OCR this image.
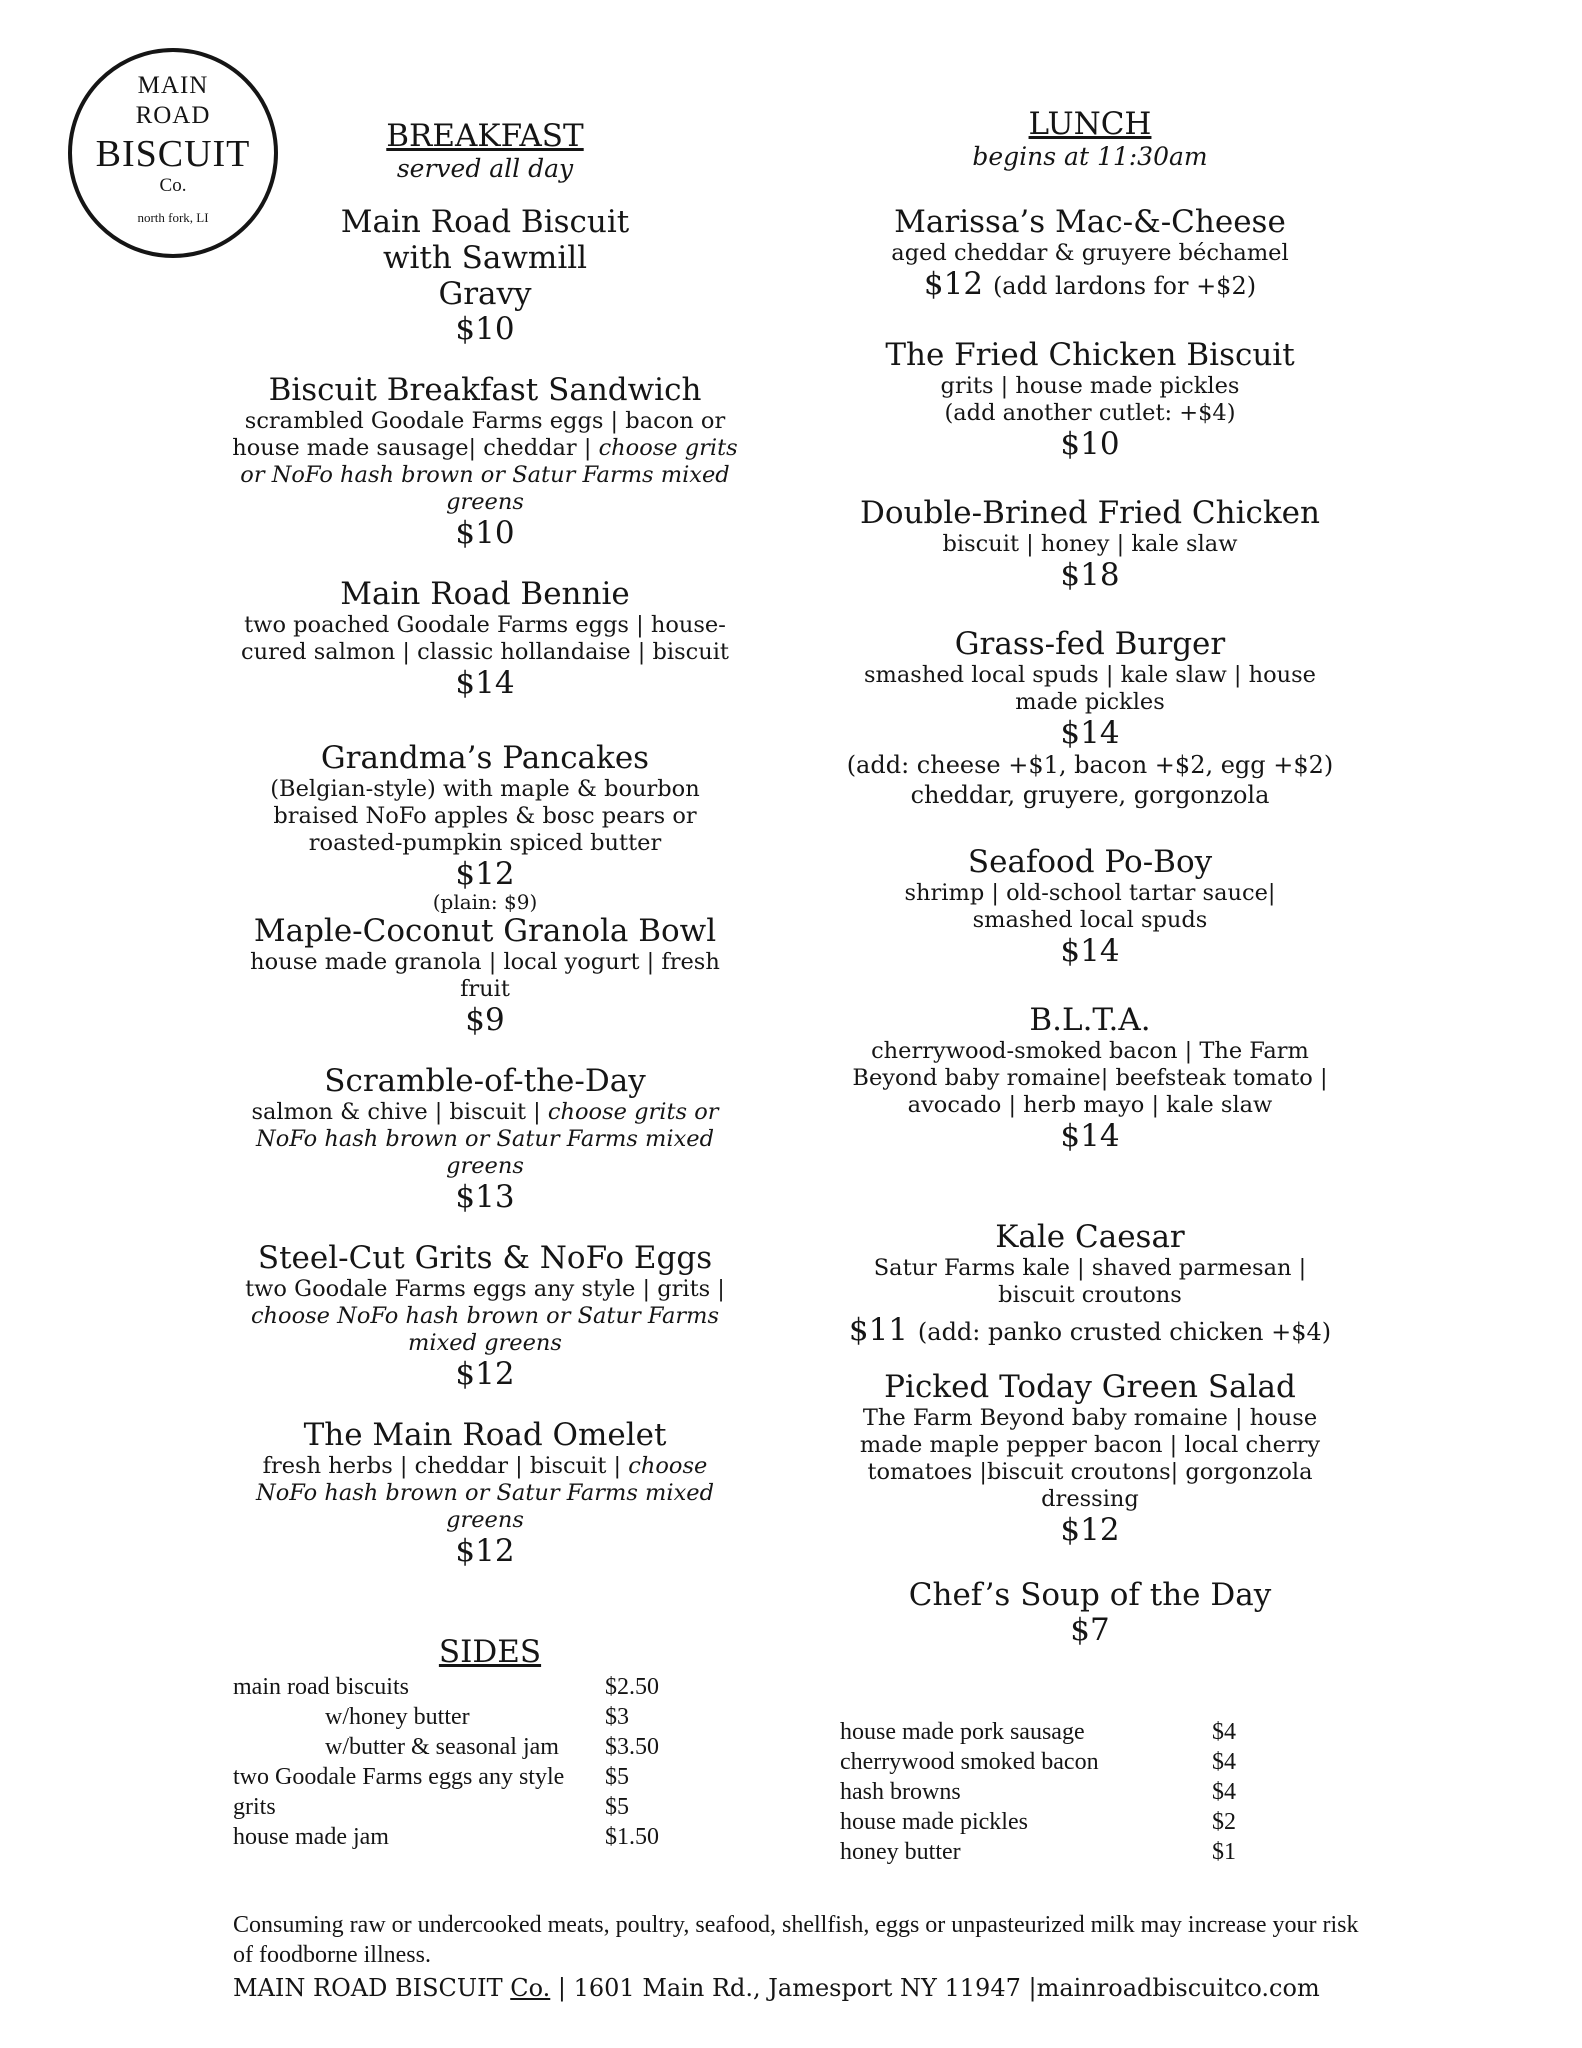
MAIN
ROAD
BISCUIT
Co.
north fork, LI
BREAKFAST
served all day
Main Road Biscuit with Sawmill Gravy
$10
Biscuit Breakfast Sandwich
scrambled Goodale Farms eggs | bacon or house made sausage| cheddar | choose grits or NoFo hash brown or Satur Farms mixed greens
$10
Main Road Bennie
two poached Goodale Farms eggs | house-cured salmon | classic hollandaise | biscuit
$14
Grandma’s Pancakes
(Belgian-style) with maple & bourbon braised NoFo apples & bosc pears or roasted-pumpkin spiced butter
$12
(plain: $9)
Maple-Coconut Granola Bowl
house made granola | local yogurt | fresh fruit
$9
Scramble-of-the-Day
salmon & chive | biscuit | choose grits or NoFo hash brown or Satur Farms mixed greens
$13
Steel-Cut Grits & NoFo Eggs
two Goodale Farms eggs any style | grits | choose NoFo hash brown or Satur Farms mixed greens
$12
The Main Road Omelet
fresh herbs | cheddar | biscuit | choose NoFo hash brown or Satur Farms mixed greens
$12
LUNCH
begins at 11:30am
Marissa’s Mac-&-Cheese
aged cheddar & gruyere béchamel
$12 (add lardons for +$2)
The Fried Chicken Biscuit
grits | house made pickles
(add another cutlet: +$4)
$10
Double-Brined Fried Chicken
biscuit | honey | kale slaw
$18
Grass-fed Burger
smashed local spuds | kale slaw | house made pickles
$14
(add: cheese +$1, bacon +$2, egg +$2)
cheddar, gruyere, gorgonzola
Seafood Po-Boy
shrimp | old-school tartar sauce| smashed local spuds
$14
B.L.T.A.
cherrywood-smoked bacon | The Farm Beyond baby romaine| beefsteak tomato | avocado | herb mayo | kale slaw
$14
Kale Caesar
Satur Farms kale | shaved parmesan | biscuit croutons
$11 (add: panko crusted chicken +$4)
Picked Today Green Salad
The Farm Beyond baby romaine | house made maple pepper bacon | local cherry tomatoes |biscuit croutons| gorgonzola dressing
$12
Chef’s Soup of the Day
$7
SIDES
main road biscuits	$2.50
w/honey butter	$3
w/butter & seasonal jam $3.50
two Goodale Farms eggs any style $5
grits	$5
house made jam	$1.50
house made pork sausage	$4
cherrywood smoked bacon	$4
hash browns	$4
house made pickles	$2
honey butter	$1
Consuming raw or undercooked meats, poultry, seafood, shellfish, eggs or unpasteurized milk may increase your risk of foodborne illness.
MAIN ROAD BISCUIT Co. | 1601 Main Rd., Jamesport NY 11947 |mainroadbiscuitco.com
